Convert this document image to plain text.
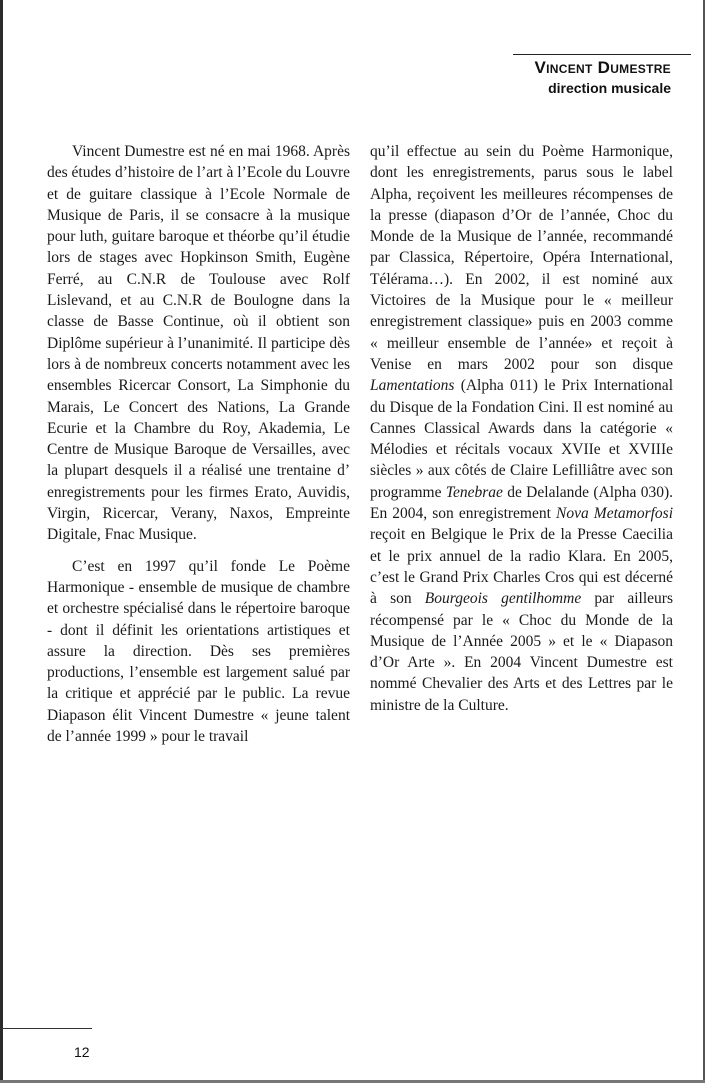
Vincent Dumestre
direction musicale

Vincent Dumestre est né en mai 1968. Après des études d’histoire de l’art à l’Ecole du Louvre et de guitare classique à l’Ecole Normale de Musique de Paris, il se consacre à la musique pour luth, guitare baroque et théorbe qu’il étudie lors de stages avec Hopkinson Smith, Eugène Ferré, au C.N.R de Toulouse avec Rolf Lislevand, et au C.N.R de Boulogne dans la classe de Basse Continue, où il obtient son Diplôme supérieur à l’unanimité. Il participe dès lors à de nombreux concerts notamment avec les ensembles Ricercar Consort, La Simphonie du Marais, Le Concert des Nations, La Grande Ecurie et la Chambre du Roy, Akademia, Le Centre de Musique Baroque de Versailles, avec la plupart desquels il a réalisé une trentaine d’ enregistrements pour les firmes Erato, Auvidis, Virgin, Ricercar, Verany, Naxos, Empreinte Digitale, Fnac Musique.

C’est en 1997 qu’il fonde Le Poème Harmonique - ensemble de musique de chambre et orchestre spécialisé dans le répertoire baroque - dont il définit les orientations artistiques et assure la direction. Dès ses premières productions, l’ensemble est largement salué par la critique et apprécié par le public. La revue Diapason élit Vincent Dumestre « jeune talent de l’année 1999 » pour le travail

qu’il effectue au sein du Poème Harmonique, dont les enregistrements, parus sous le label Alpha, reçoivent les meilleures récompenses de la presse (diapason d’Or de l’année, Choc du Monde de la Musique de l’année, recommandé par Classica, Répertoire, Opéra International, Télérama…). En 2002, il est nominé aux Victoires de la Musique pour le « meilleur enregistrement classique» puis en 2003 comme « meilleur ensemble de l’année» et reçoit à Venise en mars 2002 pour son disque Lamentations (Alpha 011) le Prix International du Disque de la Fondation Cini. Il est nominé au Cannes Classical Awards dans la catégorie « Mélodies et récitals vocaux XVIIe et XVIIIe siècles » aux côtés de Claire Lefilliâtre avec son programme Tenebrae de Delalande (Alpha 030). En 2004, son enregistrement Nova Metamorfosi reçoit en Belgique le Prix de la Presse Caecilia et le prix annuel de la radio Klara. En 2005, c’est le Grand Prix Charles Cros qui est décerné à son Bourgeois gentilhomme par ailleurs récompensé par le « Choc du Monde de la Musique de l’Année 2005 » et le « Diapason d’Or Arte ». En 2004 Vincent Dumestre est nommé Chevalier des Arts et des Lettres par le ministre de la Culture.

12
